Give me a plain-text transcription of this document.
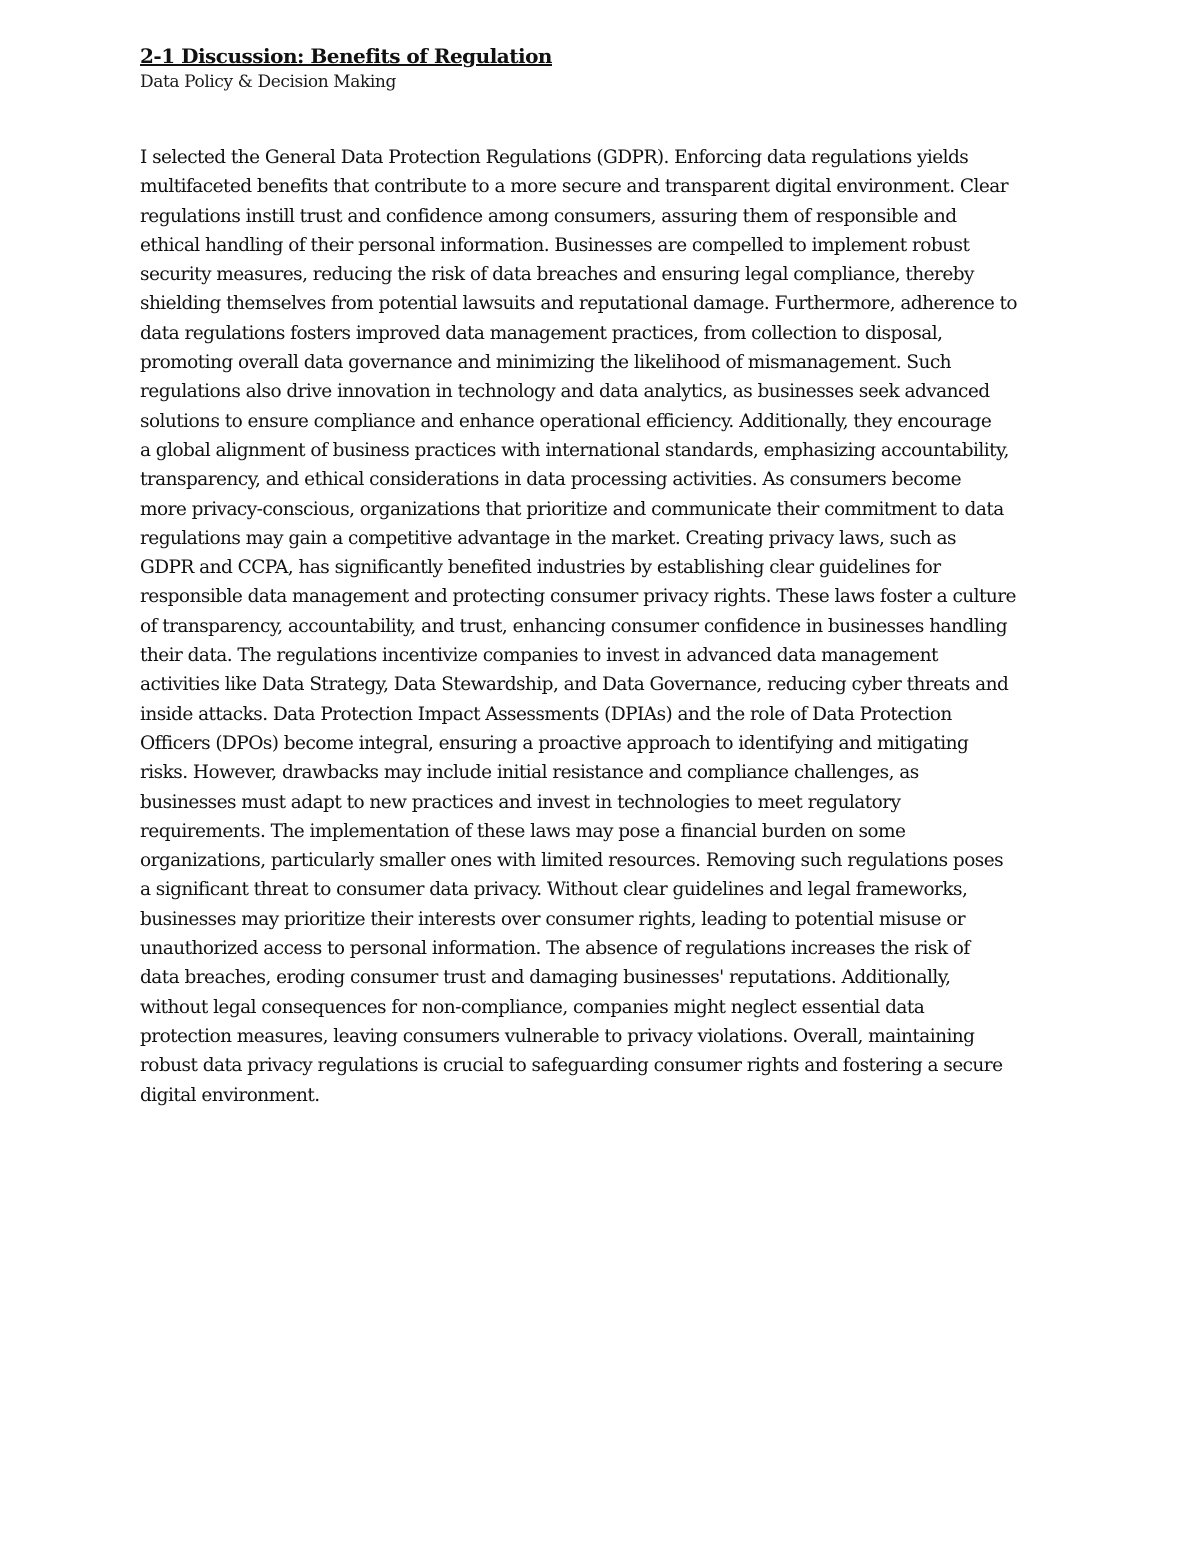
2-1 Discussion: Benefits of Regulation

Data Policy & Decision Making

I selected the General Data Protection Regulations (GDPR). Enforcing data regulations yields
multifaceted benefits that contribute to a more secure and transparent digital environment. Clear
regulations instill trust and confidence among consumers, assuring them of responsible and
ethical handling of their personal information. Businesses are compelled to implement robust
security measures, reducing the risk of data breaches and ensuring legal compliance, thereby
shielding themselves from potential lawsuits and reputational damage. Furthermore, adherence to
data regulations fosters improved data management practices, from collection to disposal,
promoting overall data governance and minimizing the likelihood of mismanagement. Such
regulations also drive innovation in technology and data analytics, as businesses seek advanced
solutions to ensure compliance and enhance operational efficiency. Additionally, they encourage
a global alignment of business practices with international standards, emphasizing accountability,
transparency, and ethical considerations in data processing activities. As consumers become
more privacy-conscious, organizations that prioritize and communicate their commitment to data
regulations may gain a competitive advantage in the market. Creating privacy laws, such as
GDPR and CCPA, has significantly benefited industries by establishing clear guidelines for
responsible data management and protecting consumer privacy rights. These laws foster a culture
of transparency, accountability, and trust, enhancing consumer confidence in businesses handling
their data. The regulations incentivize companies to invest in advanced data management
activities like Data Strategy, Data Stewardship, and Data Governance, reducing cyber threats and
inside attacks. Data Protection Impact Assessments (DPIAs) and the role of Data Protection
Officers (DPOs) become integral, ensuring a proactive approach to identifying and mitigating
risks. However, drawbacks may include initial resistance and compliance challenges, as
businesses must adapt to new practices and invest in technologies to meet regulatory
requirements. The implementation of these laws may pose a financial burden on some
organizations, particularly smaller ones with limited resources. Removing such regulations poses
a significant threat to consumer data privacy. Without clear guidelines and legal frameworks,
businesses may prioritize their interests over consumer rights, leading to potential misuse or
unauthorized access to personal information. The absence of regulations increases the risk of
data breaches, eroding consumer trust and damaging businesses' reputations. Additionally,
without legal consequences for non-compliance, companies might neglect essential data
protection measures, leaving consumers vulnerable to privacy violations. Overall, maintaining
robust data privacy regulations is crucial to safeguarding consumer rights and fostering a secure
digital environment.
